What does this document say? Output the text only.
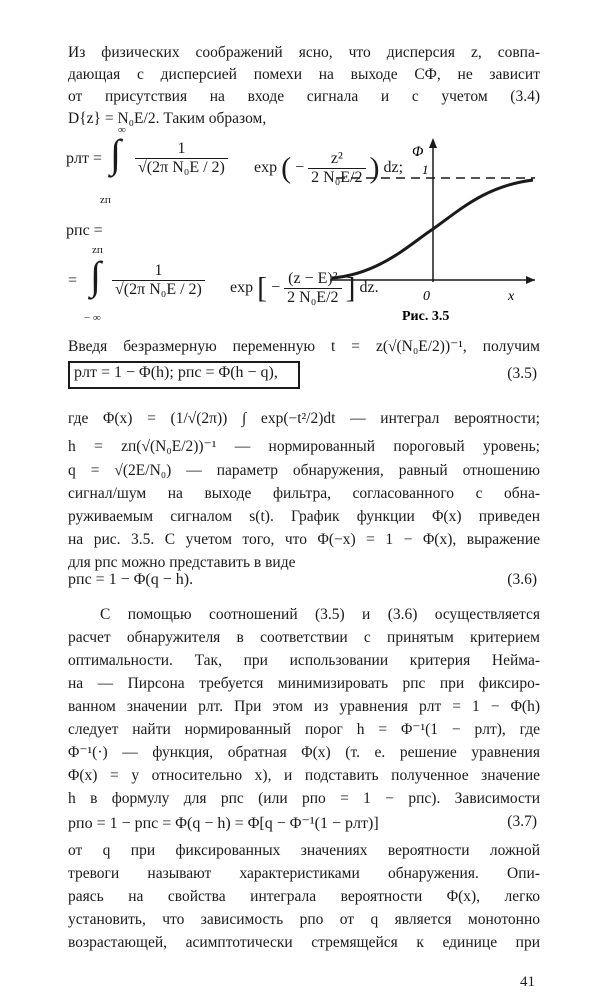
Из физических соображений ясно, что дисперсия z, совпа-
дающая с дисперсией помехи на выходе СФ, не зависит
от присутствия на входе сигнала и с учетом (3.4)
D{z} = N₀E/2. Таким образом,
pлт =
∞
∫
zп
$\frac{1}{\text{√(2π N₀E / 2)}}$ exp ( − $\frac{\text{z²}}{\text{2 N₀E/2}}$ ) dz;
pпс =
zп
= ∫
− ∞
$\frac{1}{\text{√(2π N₀E / 2)}}$ exp [ − $\frac{\text{(z − E)²}}{\text{2 N₀E/2}}$ ] dz.
Φ
1
0	x
Рис. 3.5
Введя безразмерную переменную t = z(√(N₀E/2))⁻¹, получим
pлт = 1 − Φ(h); pпс = Φ(h − q),	(3.5)
где Φ(x) = (1/√(2π)) ∫ exp(−t²/2)dt — интеграл вероятности;
h = zп(√(N₀E/2))⁻¹ — нормированный пороговый уровень;
q = √(2E/N₀) — параметр обнаружения, равный отношению
сигнал/шум на выходе фильтра, согласованного с обна-
руживаемым сигналом s(t). График функции Φ(x) приведен
на рис. 3.5. С учетом того, что Φ(−x) = 1 − Φ(x), выражение
для pпс можно представить в виде
pпс = 1 − Φ(q − h).	(3.6)
С помощью соотношений (3.5) и (3.6) осуществляется
расчет обнаружителя в соответствии с принятым критерием
оптимальности. Так, при использовании критерия Нейма-
на — Пирсона требуется минимизировать pпс при фиксиро-
ванном значении pлт. При этом из уравнения pлт = 1 − Φ(h)
следует найти нормированный порог h = Φ⁻¹(1 − pлт), где
Φ⁻¹(·) — функция, обратная Φ(x) (т. е. решение уравнения
Φ(x) = y относительно x), и подставить полученное значение
h в формулу для pпс (или pпо = 1 − pпс). Зависимости
pпо = 1 − pпс = Φ(q − h) = Φ[q − Φ⁻¹(1 − pлт)]	(3.7)
от q при фиксированных значениях вероятности ложной
тревоги называют характеристиками обнаружения. Опи-
раясь на свойства интеграла вероятности Φ(x), легко
установить, что зависимость pпо от q является монотонно
возрастающей, асимптотически стремящейся к единице при
41
